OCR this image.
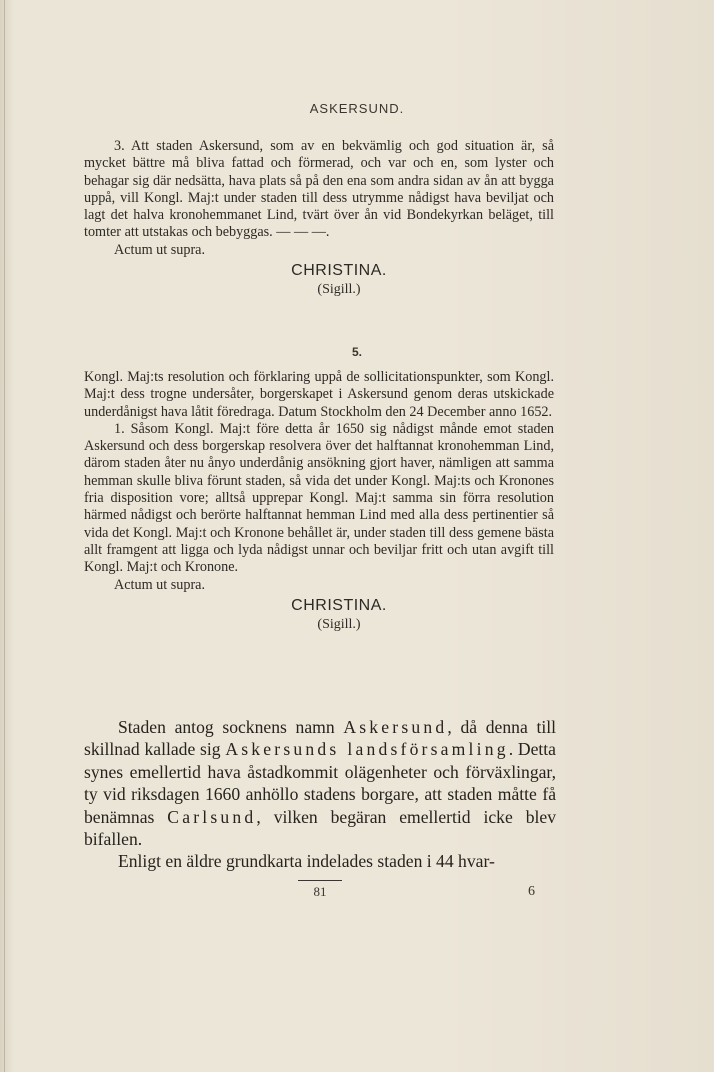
ASKERSUND.

3. Att staden Askersund, som av en bekvämlig och god situation är, så mycket bättre må bliva fattad och förmerad, och var och en, som lyster och behagar sig där nedsätta, hava plats så på den ena som andra sidan av ån att bygga uppå, vill Kongl. Maj:t under staden till dess utrymme nådigst hava beviljat och lagt det halva kronohemmanet Lind, tvärt över ån vid Bondekyrkan beläget, till tomter att utstakas och bebyggas. — — —.

Actum ut supra.
CHRISTINA.
(Sigill.)
5.

Kongl. Maj:ts resolution och förklaring uppå de sollicitationspunkter, som Kongl. Maj:t dess trogne undersåter, borgerskapet i Askersund genom deras utskickade underdånigst hava låtit föredraga. Datum Stockholm den 24 December anno 1652.

1. Såsom Kongl. Maj:t före detta år 1650 sig nådigst månde emot staden Askersund och dess borgerskap resolvera över det halftannat kronohemman Lind, därom staden åter nu ånyo underdånig ansökning gjort haver, nämligen att samma hemman skulle bliva förunt staden, så vida det under Kongl. Maj:ts och Kronones fria disposition vore; alltså upprepar Kongl. Maj:t samma sin förra resolution härmed nådigst och berörte halftannat hemman Lind med alla dess pertinentier så vida det Kongl. Maj:t och Kronone behållet är, under staden till dess gemene bästa allt framgent att ligga och lyda nådigst unnar och beviljar fritt och utan avgift till Kongl. Maj:t och Kronone.

Actum ut supra.
CHRISTINA.
(Sigill.)

Staden antog socknens namn Askersund, då denna till skillnad kallade sig Askersunds landsförsamling. Detta synes emellertid hava åstadkommit olägenheter och förväxlingar, ty vid riksdagen 1660 anhöllo stadens borgare, att staden måtte få benämnas Carlsund, vilken begäran emellertid icke blev bifallen.

Enligt en äldre grundkarta indelades staden i 44 hvar-

81	6
